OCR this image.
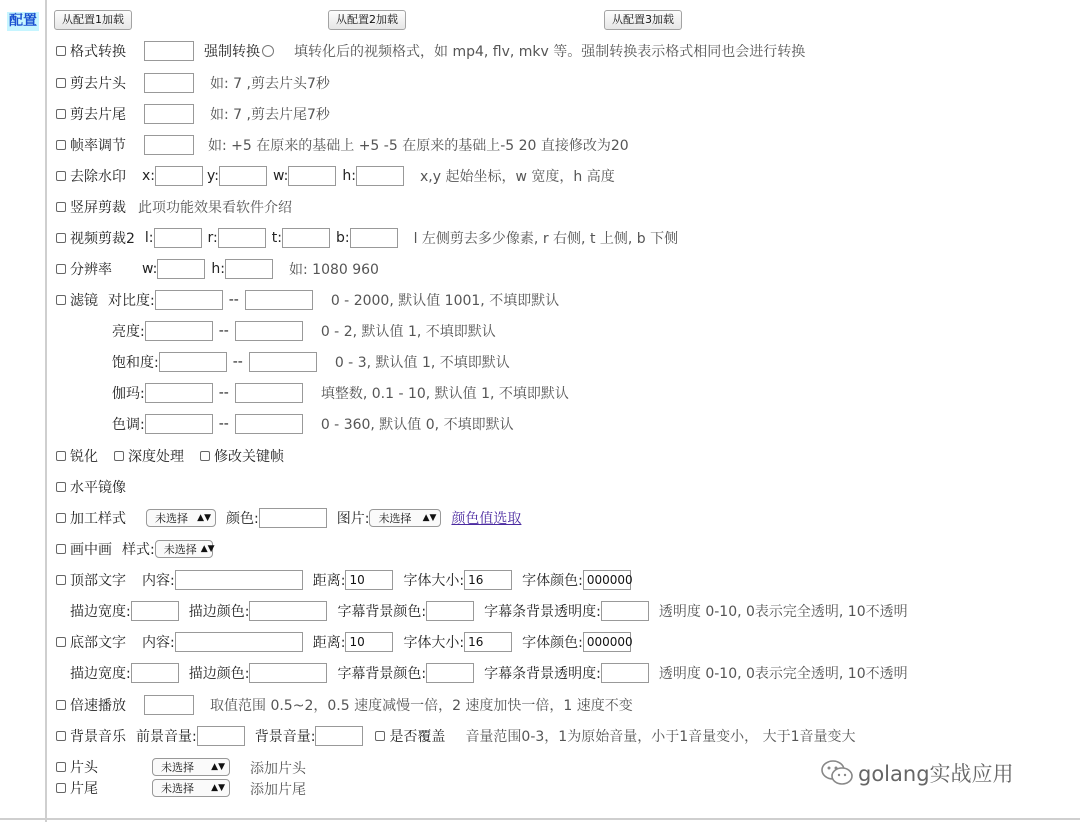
配置	从配置1加载	从配置2加载	从配置3加载
格式转换	强制转换 填转化后的视频格式，如 mp4, flv, mkv 等。强制转换表示格式相同也会进行转换
剪去片头	如: 7 ,剪去片头7秒
剪去片尾	如: 7 ,剪去片尾7秒
帧率调节	如: +5 在原来的基础上 +5 -5 在原来的基础上-5 20 直接修改为20
去除水印 x:	y:	w:	h:	x,y 起始坐标，w 宽度，h 高度
竖屏剪裁 此项功能效果看软件介绍
视频剪裁2 l:	r:	t:	b:	l 左侧剪去多少像素, r 右侧, t 上侧, b 下侧
分辨率 w:	h:	如: 1080 960
滤镜 对比度:	--	0 - 2000, 默认值 1001, 不填即默认
亮度:	--	0 - 2, 默认值 1, 不填即默认
饱和度:	--	0 - 3, 默认值 1, 不填即默认
伽玛:	--	填整数, 0.1 - 10, 默认值 1, 不填即默认
色调:	--	0 - 360, 默认值 0, 不填即默认
锐化 深度处理 修改关键帧
水平镜像
加工样式	未选择 ▲▼ 颜色:	图片: 未选择 ▲▼ 颜色值选取
画中画 样式: 未选择 ▲▼
顶部文字 内容:	距离: 10	字体大小: 16	字体颜色: 000000
描边宽度:	描边颜色:	字幕背景颜色:	字幕条背景透明度:	透明度 0-10, 0表示完全透明, 10不透明
底部文字 内容:	距离: 10	字体大小: 16	字体颜色: 000000
描边宽度:	描边颜色:	字幕背景颜色:	字幕条背景透明度:	透明度 0-10, 0表示完全透明, 10不透明
倍速播放	取值范围 0.5~2，0.5 速度减慢一倍，2 速度加快一倍，1 速度不变
背景音乐 前景音量:	背景音量:	是否覆盖 音量范围0-3，1为原始音量，小于1音量变小， 大于1音量变大
片头	未选择 ▲▼ 添加片头
片尾	未选择 ▲▼ 添加片尾
golang实战应用
